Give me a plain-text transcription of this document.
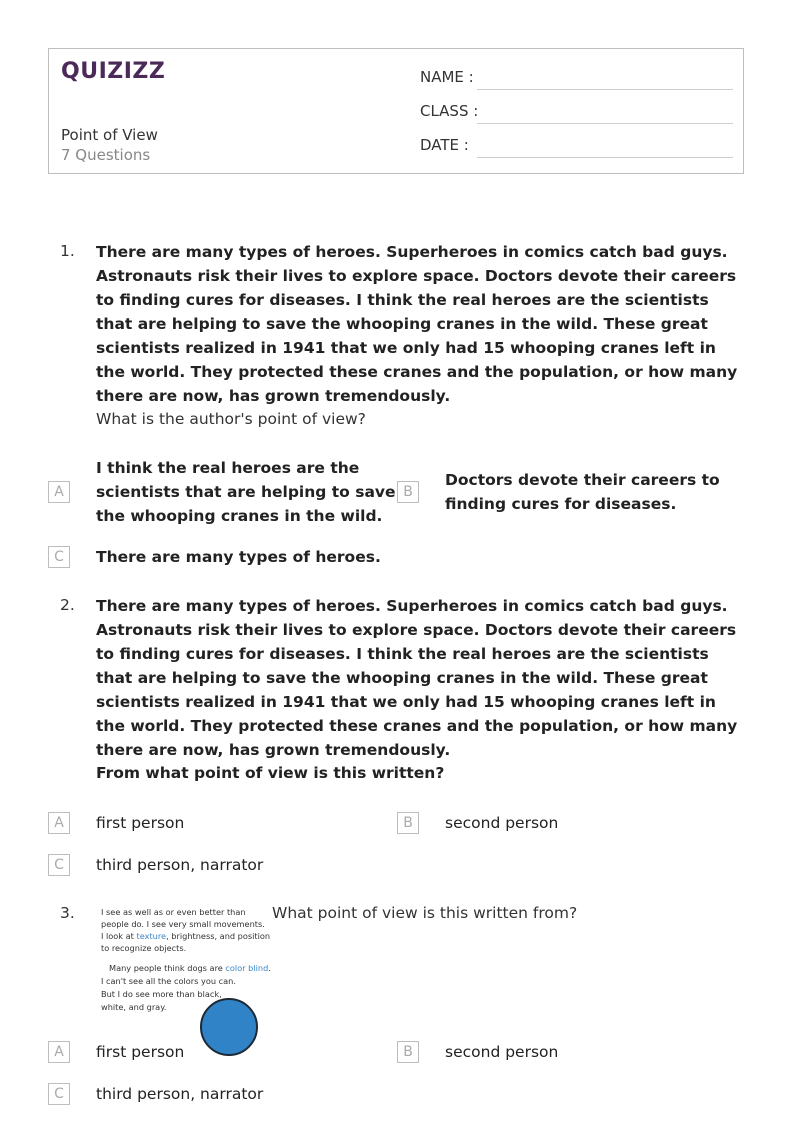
QUIZIZZ
Point of View
7 Questions
NAME :
CLASS :
DATE :
1. There are many types of heroes. Superheroes in comics catch bad guys. Astronauts risk their lives to explore space. Doctors devote their careers to finding cures for diseases. I think the real heroes are the scientists that are helping to save the whooping cranes in the wild. These great scientists realized in 1941 that we only had 15 whooping cranes left in the world. They protected these cranes and the population, or how many there are now, has grown tremendously.

What is the author's point of view?
A
I think the real heroes are the scientists that are helping to save the whooping cranes in the wild.
B
Doctors devote their careers to finding cures for diseases.
C	There are many types of heroes.
2. There are many types of heroes. Superheroes in comics catch bad guys. Astronauts risk their lives to explore space. Doctors devote their careers to finding cures for diseases. I think the real heroes are the scientists that are helping to save the whooping cranes in the wild. These great scientists realized in 1941 that we only had 15 whooping cranes left in the world. They protected these cranes and the population, or how many there are now, has grown tremendously.

From what point of view is this written?
A	first person	B	second person
C	third person, narrator
3.	I see as well as or even better than
people do. I see very small movements.
I look at texture, brightness, and position
to recognize objects.
Many people think dogs are color blind.
I can't see all the colors you can.
But I do see more than black,
white, and gray.
What point of view is this written from?
A	first person	B	second person
C	third person, narrator
